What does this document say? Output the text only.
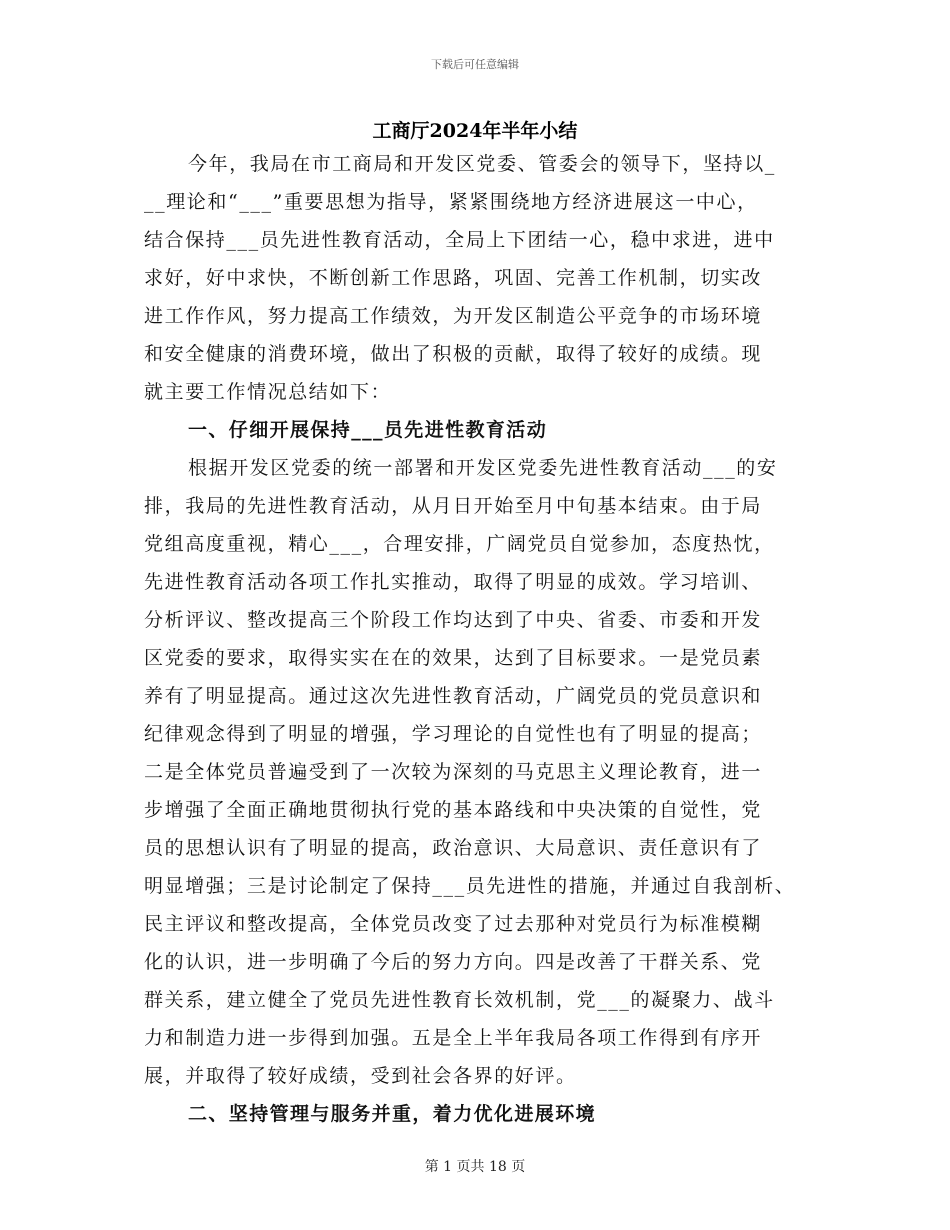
下载后可任意编辑
工商厅2024年半年小结
今年，我局在市工商局和开发区党委、管委会的领导下，坚持以_
__理论和“___”重要思想为指导，紧紧围绕地方经济进展这一中心，
结合保持___员先进性教育活动，全局上下团结一心，稳中求进，进中
求好，好中求快，不断创新工作思路，巩固、完善工作机制，切实改
进工作作风，努力提高工作绩效，为开发区制造公平竞争的市场环境
和安全健康的消费环境，做出了积极的贡献，取得了较好的成绩。现
就主要工作情况总结如下：
一、仔细开展保持___员先进性教育活动
根据开发区党委的统一部署和开发区党委先进性教育活动___的安
排，我局的先进性教育活动，从月日开始至月中旬基本结束。由于局
党组高度重视，精心___，合理安排，广阔党员自觉参加，态度热忱，
先进性教育活动各项工作扎实推动，取得了明显的成效。学习培训、
分析评议、整改提高三个阶段工作均达到了中央、省委、市委和开发
区党委的要求，取得实实在在的效果，达到了目标要求。一是党员素
养有了明显提高。通过这次先进性教育活动，广阔党员的党员意识和
纪律观念得到了明显的增强，学习理论的自觉性也有了明显的提高；
二是全体党员普遍受到了一次较为深刻的马克思主义理论教育，进一
步增强了全面正确地贯彻执行党的基本路线和中央决策的自觉性，党
员的思想认识有了明显的提高，政治意识、大局意识、责任意识有了
明显增强；三是讨论制定了保持___员先进性的措施，并通过自我剖析、
民主评议和整改提高，全体党员改变了过去那种对党员行为标准模糊
化的认识，进一步明确了今后的努力方向。四是改善了干群关系、党
群关系，建立健全了党员先进性教育长效机制，党___的凝聚力、战斗
力和制造力进一步得到加强。五是全上半年我局各项工作得到有序开
展，并取得了较好成绩，受到社会各界的好评。
二、坚持管理与服务并重，着力优化进展环境
第 1 页共 18 页
